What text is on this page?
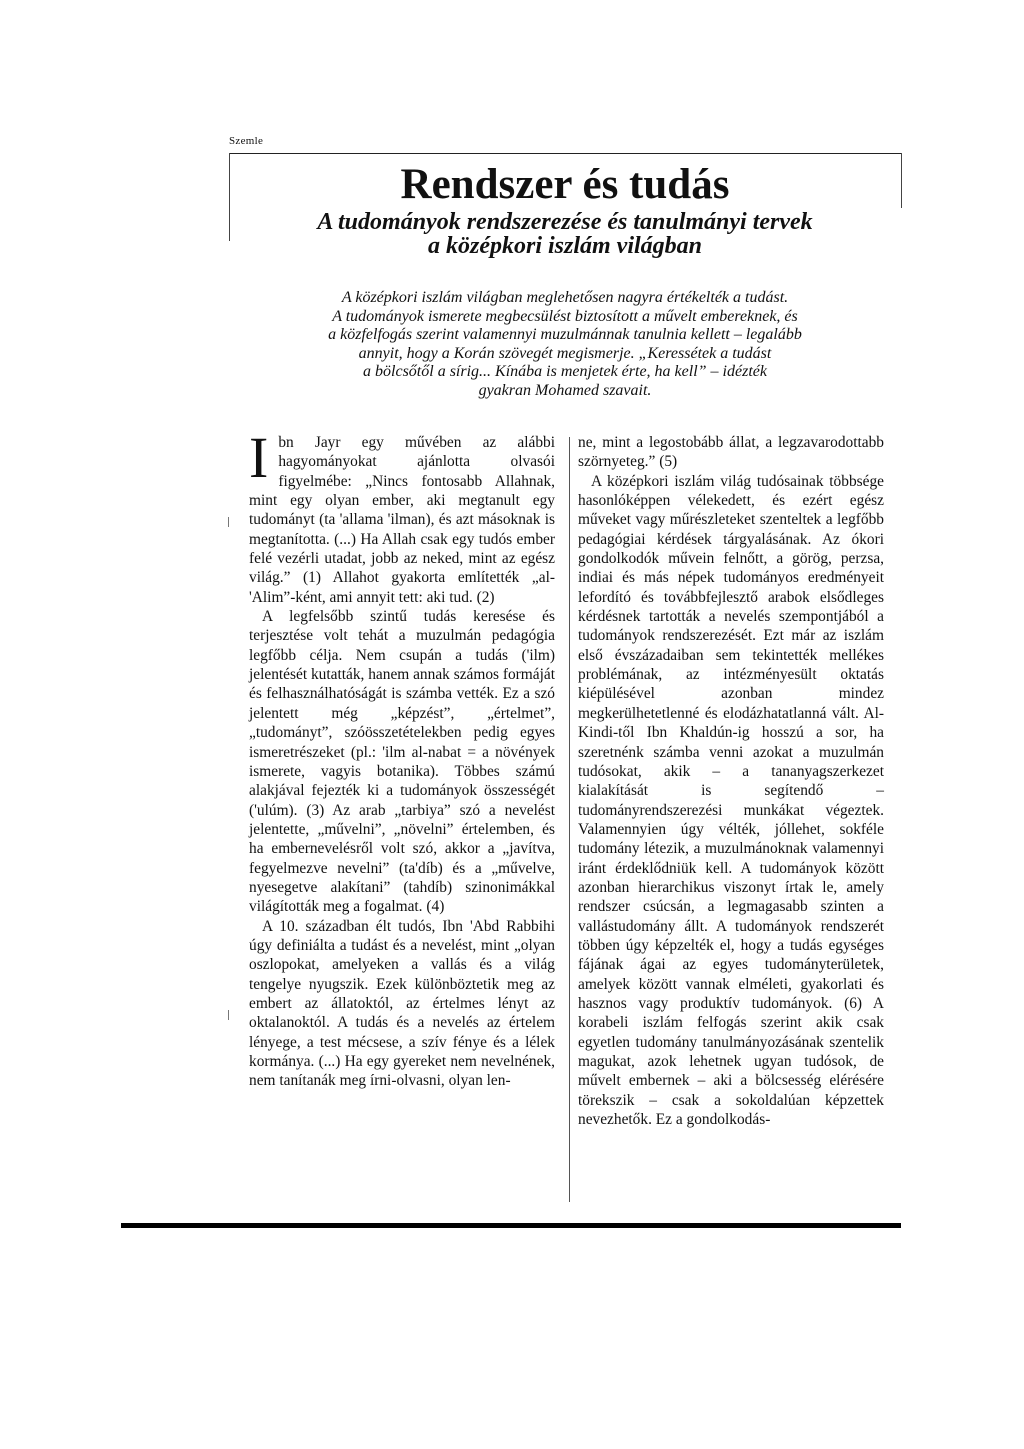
Szemle
Rendszer és tudás
A tudományok rendszerezése és tanulmányi tervek
a középkori iszlám világban
A középkori iszlám világban meglehetősen nagyra értékelték a tudást.
A tudományok ismerete megbecsülést biztosított a művelt embereknek, és
a közfelfogás szerint valamennyi muzulmánnak tanulnia kellett – legalább
annyit, hogy a Korán szövegét megismerje. „Keressétek a tudást
a bölcsőtől a sírig... Kínába is menjetek érte, ha kell” – idézték
gyakran Mohamed szavait.

Ibn Jayr egy művében az alábbi hagyományokat ajánlotta olvasói figyelmébe: „Nincs fontosabb Allahnak, mint egy olyan ember, aki megtanult egy tudományt (ta 'allama 'ilman), és azt másoknak is megtanította. (...) Ha Allah csak egy tudós ember felé vezérli utadat, jobb az neked, mint az egész világ.” (1) Allahot gyakorta említették „al-'Alim”-ként, ami annyit tett: aki tud. (2)

A legfelsőbb szintű tudás keresése és terjesztése volt tehát a muzulmán pedagógia legfőbb célja. Nem csupán a tudás ('ilm) jelentését kutatták, hanem annak számos formáját és felhasználhatóságát is számba vették. Ez a szó jelentett még „képzést”, „értelmet”, „tudományt”, szóösszetételekben pedig egyes ismeretrészeket (pl.: 'ilm al-nabat = a növények ismerete, vagyis botanika). Többes számú alakjával fejezték ki a tudományok összességét ('ulúm). (3) Az arab „tarbiya” szó a nevelést jelentette, „művelni”, „növelni” értelemben, és ha embernevelésről volt szó, akkor a „javítva, fegyelmezve nevelni” (ta'díb) és a „művelve, nyesegetve alakítani” (tahdíb) szinonimákkal világították meg a fogalmat. (4)

A 10. században élt tudós, Ibn 'Abd Rabbihi úgy definiálta a tudást és a nevelést, mint „olyan oszlopokat, amelyeken a vallás és a világ tengelye nyugszik. Ezek különböztetik meg az embert az állatoktól, az értelmes lényt az oktalanoktól. A tudás és a nevelés az értelem lényege, a test mécsese, a szív fénye és a lélek kormánya. (...) Ha egy gyereket nem nevelnének, nem tanítanák meg írni-olvasni, olyan len-

ne, mint a legostobább állat, a legzavarodottabb szörnyeteg.” (5)

A középkori iszlám világ tudósainak többsége hasonlóképpen vélekedett, és ezért egész műveket vagy műrészleteket szenteltek a legfőbb pedagógiai kérdések tárgyalásának. Az ókori gondolkodók művein felnőtt, a görög, perzsa, indiai és más népek tudományos eredményeit lefordító és továbbfejlesztő arabok elsődleges kérdésnek tartották a nevelés szempontjából a tudományok rendszerezését. Ezt már az iszlám első évszázadaiban sem tekintették mellékes problémának, az intézményesült oktatás kiépülésével azonban mindez megkerülhetetlenné és elodázhatatlanná vált. Al-Kindi-től Ibn Khaldún-ig hosszú a sor, ha szeretnénk számba venni azokat a muzulmán tudósokat, akik – a tananyagszerkezet kialakítását is segítendő – tudományrendszerezési munkákat végeztek. Valamennyien úgy vélték, jóllehet, sokféle tudomány létezik, a muzulmánoknak valamennyi iránt érdeklődniük kell. A tudományok között azonban hierarchikus viszonyt írtak le, amely rendszer csúcsán, a legmagasabb szinten a vallástudomány állt. A tudományok rendszerét többen úgy képzelték el, hogy a tudás egységes fájának ágai az egyes tudományterületek, amelyek között vannak elméleti, gyakorlati és hasznos vagy produktív tudományok. (6) A korabeli iszlám felfogás szerint akik csak egyetlen tudomány tanulmányozásának szentelik magukat, azok lehetnek ugyan tudósok, de művelt embernek – aki a bölcsesség elérésére törekszik – csak a sokoldalúan képzettek nevezhetők. Ez a gondolkodás-
